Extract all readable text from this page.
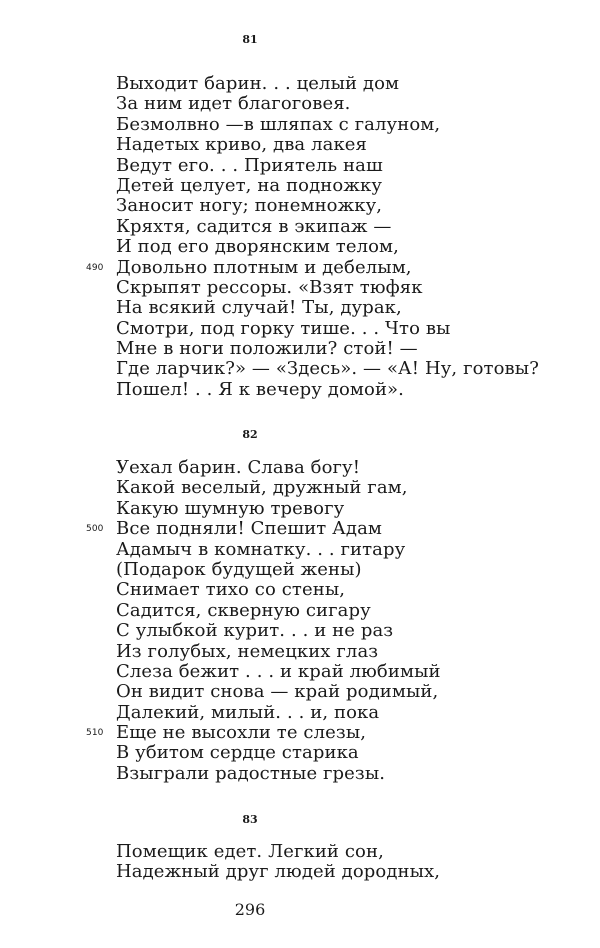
81
Выходит барин. . . целый дом
За ним идет благоговея.
Безмолвно —в шляпах с галуном,
Надетых криво, два лакея
Ведут его. . . Приятель наш
Детей целует, на подножку
Заносит ногу; понемножку,
Кряхтя, садится в экипаж —
И под его дворянским телом,
490 Довольно плотным и дебелым,
Скрыпят рессоры. «Взят тюфяк
На всякий случай! Ты, дурак,
Смотри, под горку тише. . . Что вы
Мне в ноги положили? стой! —
Где ларчик?» — «Здесь». — «А! Ну, готовы?
Пошел! . . Я к вечеру домой».
82
Уехал барин. Слава богу!
Какой веселый, дружный гам,
Какую шумную тревогу
500 Все подняли! Спешит Адам
Адамыч в комнатку. . . гитару
(Подарок будущей жены)
Снимает тихо со стены,
Садится, скверную сигару
С улыбкой курит. . . и не раз
Из голубых, немецких глаз
Слеза бежит . . . и край любимый
Он видит снова — край родимый,
Далекий, милый. . . и, пока
510 Еще не высохли те слезы,
В убитом сердце старика
Взыграли радостные грезы.
83
Помещик едет. Легкий сон,
Надежный друг людей дородных,
296
